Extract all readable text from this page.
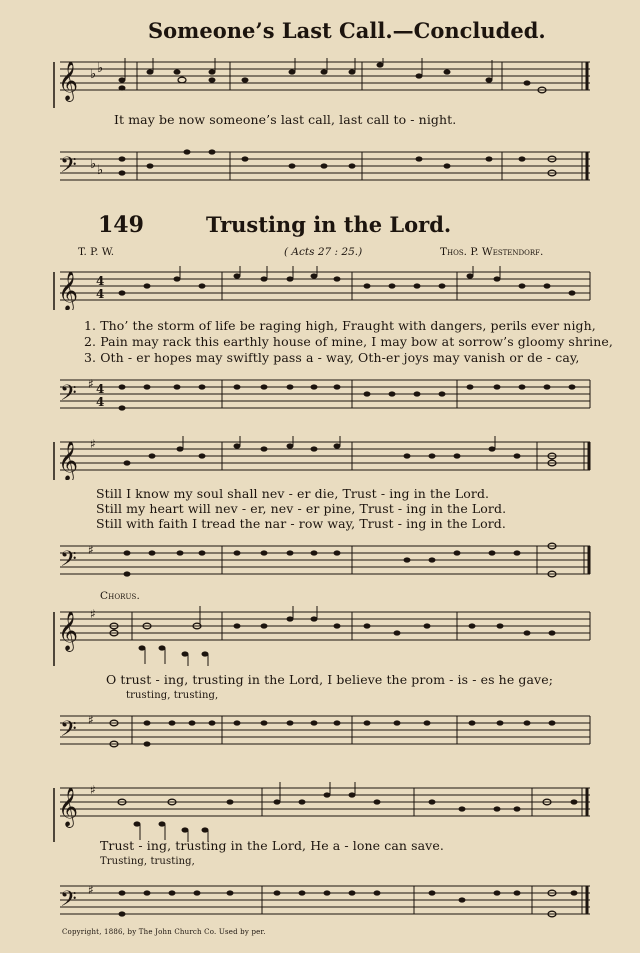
Someone’s Last Call.—Concluded.
𝄞 ♭ ♭
It may be now someone’s last call, last call to - night.
𝄢 ♭ ♭
149	Trusting in the Lord.
T. P. W.	( Acts 27 : 25.)	Thos. P. Westendorf.
𝄞 4
4
1. Tho’ the storm of life be raging high, Fraught with dangers, perils ever nigh,
2. Pain may rack this earthly house of mine, I may bow at sorrow’s gloomy shrine,
3. Oth - er hopes may swiftly pass a - way, Oth-er joys may vanish or de - cay,
𝄢 ♯ 4
4
𝄞 ♯
Still I know my soul shall nev - er die, Trust - ing in the Lord.
Still my heart will nev - er, nev - er pine, Trust - ing in the Lord.
Still with faith I tread the nar - row way, Trust - ing in the Lord.
𝄢 ♯
Chorus.
𝄞 ♯
O trust - ing, trusting in the Lord, I believe the prom - is - es he gave;
trusting, trusting,
𝄢 ♯
𝄞 ♯
Trust - ing, trusting in the Lord, He a - lone can save.
Trusting, trusting,
𝄢 ♯
Copyright, 1886, by The John Church Co. Used by per.
